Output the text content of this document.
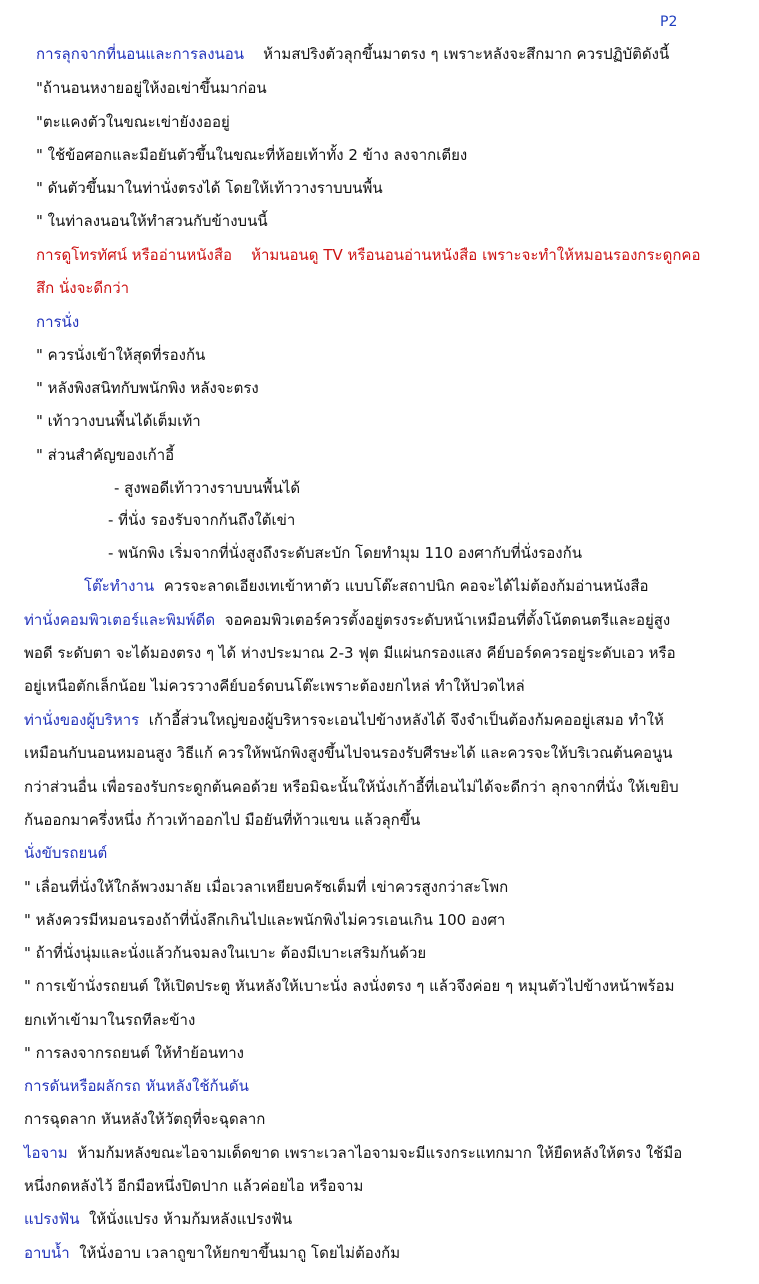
P2
การลุกจากที่นอนและการลงนอน ห้ามสปริงตัวลุกขึ้นมาตรง ๆ เพราะหลังจะสึกมาก ควรปฏิบัติดังนี้
"ถ้านอนหงายอยู่ให้งอเข่าขึ้นมาก่อน
"ตะแคงตัวในขณะเข่ายังงออยู่
" ใช้ข้อศอกและมือยันตัวขึ้นในขณะที่ห้อยเท้าทั้ง 2 ข้าง ลงจากเตียง
" ดันตัวขึ้นมาในท่านั่งตรงได้ โดยให้เท้าวางราบบนพื้น
" ในท่าลงนอนให้ทำสวนกับข้างบนนี้
การดูโทรทัศน์ หรืออ่านหนังสือ ห้ามนอนดู TV หรือนอนอ่านหนังสือ เพราะจะทำให้หมอนรองกระดูกคอ
สึก นั่งจะดีกว่า
การนั่ง
" ควรนั่งเข้าให้สุดที่รองก้น
" หลังพิงสนิทกับพนักพิง หลังจะตรง
" เท้าวางบนพื้นได้เต็มเท้า
" ส่วนสำคัญของเก้าอี้
- สูงพอดีเท้าวางราบบนพื้นได้
- ที่นั่ง รองรับจากก้นถึงใต้เข่า
- พนักพิง เริ่มจากที่นั่งสูงถึงระดับสะบัก โดยทำมุม 110 องศากับที่นั่งรองก้น
โต๊ะทำงาน ควรจะลาดเอียงเทเข้าหาตัว แบบโต๊ะสถาปนิก คอจะได้ไม่ต้องก้มอ่านหนังสือ
ท่านั่งคอมพิวเตอร์และพิมพ์ดีด จอคอมพิวเตอร์ควรตั้งอยู่ตรงระดับหน้าเหมือนที่ตั้งโน้ตดนตรีและอยู่สูง
พอดี ระดับตา จะได้มองตรง ๆ ได้ ห่างประมาณ 2-3 ฟุต มีแผ่นกรองแสง คีย์บอร์ดควรอยู่ระดับเอว หรือ
อยู่เหนือตักเล็กน้อย ไม่ควรวางคีย์บอร์ดบนโต๊ะเพราะต้องยกไหล่ ทำให้ปวดไหล่
ท่านั่งของผู้บริหาร เก้าอี้ส่วนใหญ่ของผู้บริหารจะเอนไปข้างหลังได้ จึงจำเป็นต้องก้มคออยู่เสมอ ทำให้
เหมือนกับนอนหมอนสูง วิธีแก้ ควรให้พนักพิงสูงขึ้นไปจนรองรับศีรษะได้ และควรจะให้บริเวณต้นคอนูน
กว่าส่วนอื่น เพื่อรองรับกระดูกต้นคอด้วย หรือมิฉะนั้นให้นั่งเก้าอี้ที่เอนไม่ได้จะดีกว่า ลุกจากที่นั่ง ให้เขยิบ
ก้นออกมาครึ่งหนึ่ง ก้าวเท้าออกไป มือยันที่ท้าวแขน แล้วลุกขึ้น
นั่งขับรถยนต์
" เลื่อนที่นั่งให้ใกล้พวงมาลัย เมื่อเวลาเหยียบครัชเต็มที่ เข่าควรสูงกว่าสะโพก
" หลังควรมีหมอนรองถ้าที่นั่งลึกเกินไปและพนักพิงไม่ควรเอนเกิน 100 องศา
" ถ้าที่นั่งนุ่มและนั่งแล้วก้นจมลงในเบาะ ต้องมีเบาะเสริมก้นด้วย
" การเข้านั่งรถยนต์ ให้เปิดประตู หันหลังให้เบาะนั่ง ลงนั่งตรง ๆ แล้วจึงค่อย ๆ หมุนตัวไปข้างหน้าพร้อม
ยกเท้าเข้ามาในรถทีละข้าง
" การลงจากรถยนต์ ให้ทำย้อนทาง
การดันหรือผลักรถ หันหลังใช้ก้นดัน
การฉุดลาก หันหลังให้วัตถุที่จะฉุดลาก
ไอจาม ห้ามก้มหลังขณะไอจามเด็ดขาด เพราะเวลาไอจามจะมีแรงกระแทกมาก ให้ยืดหลังให้ตรง ใช้มือ
หนึ่งกดหลังไว้ อีกมือหนึ่งปิดปาก แล้วค่อยไอ หรือจาม
แปรงฟัน ให้นั่งแปรง ห้ามก้มหลังแปรงฟัน
อาบน้ำ ให้นั่งอาบ เวลาถูขาให้ยกขาขึ้นมาถู โดยไม่ต้องก้ม
